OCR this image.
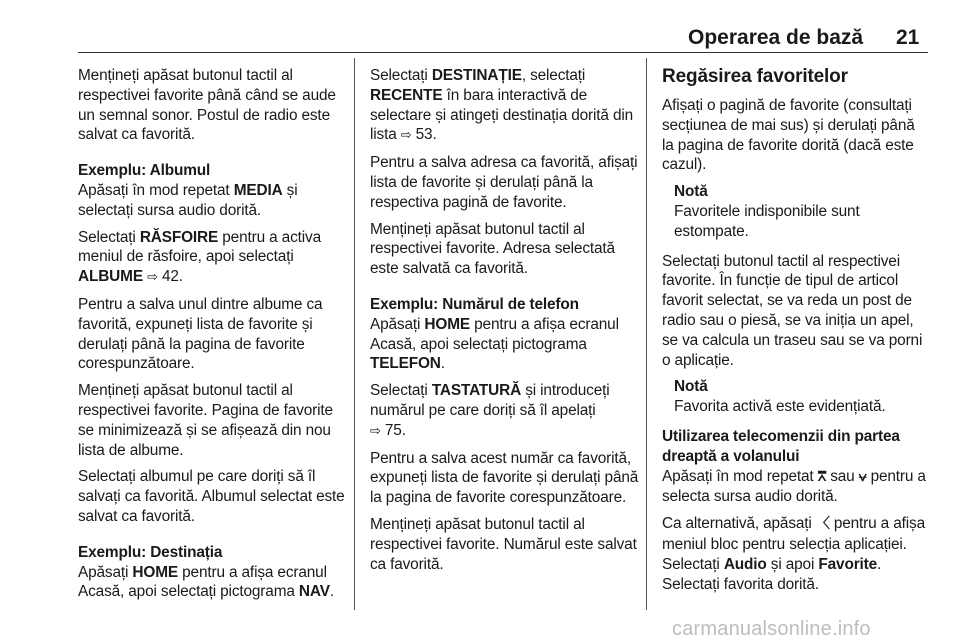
Operarea de bază 21

Mențineți apăsat butonul tactil al respectivei favorite până când se aude un semnal sonor. Postul de radio este salvat ca favorită.

Exemplu: Albumul

Apăsați în mod repetat MEDIA și selectați sursa audio dorită.

Selectați RĂSFOIRE pentru a activa meniul de răsfoire, apoi selectați ALBUME ⇨ 42.

Pentru a salva unul dintre albume ca favorită, expuneți lista de favorite și derulați până la pagina de favorite corespunzătoare.

Mențineți apăsat butonul tactil al respectivei favorite. Pagina de favorite se minimizează și se afișează din nou lista de albume.

Selectați albumul pe care doriți să îl salvați ca favorită. Albumul selectat este salvat ca favorită.

Exemplu: Destinația

Apăsați HOME pentru a afișa ecranul Acasă, apoi selectați pictograma NAV.

Selectați DESTINAȚIE, selectați RECENTE în bara interactivă de selectare și atingeți destinația dorită din lista ⇨ 53.

Pentru a salva adresa ca favorită, afișați lista de favorite și derulați până la respectiva pagină de favorite.

Mențineți apăsat butonul tactil al respectivei favorite. Adresa selectată este salvată ca favorită.

Exemplu: Numărul de telefon

Apăsați HOME pentru a afișa ecranul Acasă, apoi selectați pictograma TELEFON.

Selectați TASTATURĂ și introduceți numărul pe care doriți să îl apelați
⇨ 75.

Pentru a salva acest număr ca favorită, expuneți lista de favorite și derulați până la pagina de favorite corespunzătoare.

Mențineți apăsat butonul tactil al respectivei favorite. Numărul este salvat ca favorită.

Regăsirea favoritelor

Afișați o pagină de favorite (consultați secțiunea de mai sus) și derulați până la pagina de favorite dorită (dacă este cazul).

Notă
Favoritele indisponibile sunt estompate.

Selectați butonul tactil al respectivei favorite. În funcție de tipul de articol favorit selectat, se va reda un post de radio sau o piesă, se va iniția un apel, se va calcula un traseu sau se va porni o aplicație.

Notă
Favorita activă este evidențiată.
Utilizarea telecomenzii din partea dreaptă a volanului

Apăsați în mod repetat ⩞ sau ⩝ pentru a selecta sursa audio dorită.

Ca alternativă, apăsați 〈 pentru a afișa meniul bloc pentru selecția aplicației. Selectați Audio și apoi Favorite. Selectați favorita dorită.

carmanualsonline.info
